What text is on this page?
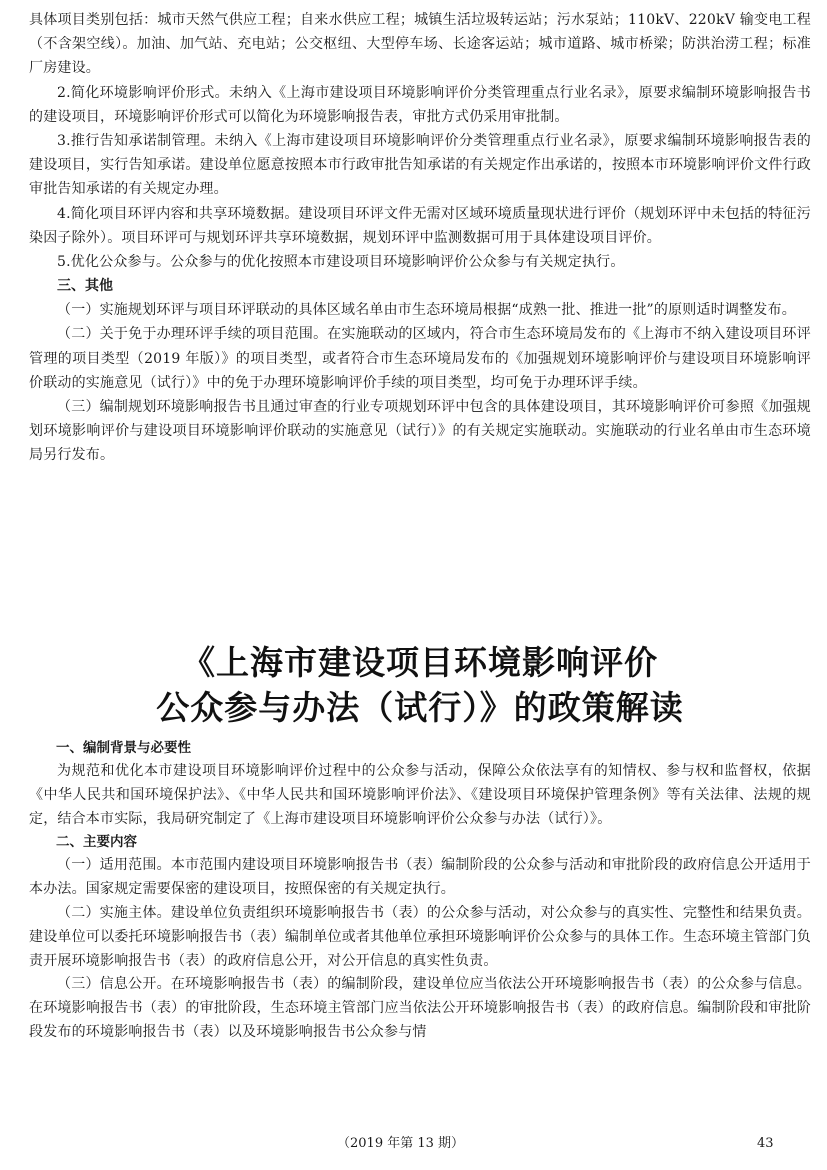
具体项目类别包括：城市天然气供应工程；自来水供应工程；城镇生活垃圾转运站；污水泵站；110kV、220kV 输变电工程（不含架空线）。加油、加气站、充电站；公交枢纽、大型停车场、长途客运站；城市道路、城市桥梁；防洪治涝工程；标准厂房建设。

2.简化环境影响评价形式。未纳入《上海市建设项目环境影响评价分类管理重点行业名录》，原要求编制环境影响报告书的建设项目，环境影响评价形式可以简化为环境影响报告表，审批方式仍采用审批制。

3.推行告知承诺制管理。未纳入《上海市建设项目环境影响评价分类管理重点行业名录》，原要求编制环境影响报告表的建设项目，实行告知承诺。建设单位愿意按照本市行政审批告知承诺的有关规定作出承诺的，按照本市环境影响评价文件行政审批告知承诺的有关规定办理。

4.简化项目环评内容和共享环境数据。建设项目环评文件无需对区域环境质量现状进行评价（规划环评中未包括的特征污染因子除外）。项目环评可与规划环评共享环境数据，规划环评中监测数据可用于具体建设项目评价。

5.优化公众参与。公众参与的优化按照本市建设项目环境影响评价公众参与有关规定执行。

三、其他

（一）实施规划环评与项目环评联动的具体区域名单由市生态环境局根据“成熟一批、推进一批”的原则适时调整发布。

（二）关于免于办理环评手续的项目范围。在实施联动的区域内，符合市生态环境局发布的《上海市不纳入建设项目环评管理的项目类型（2019 年版）》的项目类型，或者符合市生态环境局发布的《加强规划环境影响评价与建设项目环境影响评价联动的实施意见（试行）》中的免于办理环境影响评价手续的项目类型，均可免于办理环评手续。

（三）编制规划环境影响报告书且通过审查的行业专项规划环评中包含的具体建设项目，其环境影响评价可参照《加强规划环境影响评价与建设项目环境影响评价联动的实施意见（试行）》的有关规定实施联动。实施联动的行业名单由市生态环境局另行发布。

《上海市建设项目环境影响评价
公众参与办法（试行）》的政策解读
一、编制背景与必要性

为规范和优化本市建设项目环境影响评价过程中的公众参与活动，保障公众依法享有的知情权、参与权和监督权，依据《中华人民共和国环境保护法》、《中华人民共和国环境影响评价法》、《建设项目环境保护管理条例》等有关法律、法规的规定，结合本市实际，我局研究制定了《上海市建设项目环境影响评价公众参与办法（试行）》。

二、主要内容

（一）适用范围。本市范围内建设项目环境影响报告书（表）编制阶段的公众参与活动和审批阶段的政府信息公开适用于本办法。国家规定需要保密的建设项目，按照保密的有关规定执行。

（二）实施主体。建设单位负责组织环境影响报告书（表）的公众参与活动，对公众参与的真实性、完整性和结果负责。建设单位可以委托环境影响报告书（表）编制单位或者其他单位承担环境影响评价公众参与的具体工作。生态环境主管部门负责开展环境影响报告书（表）的政府信息公开，对公开信息的真实性负责。

（三）信息公开。在环境影响报告书（表）的编制阶段，建设单位应当依法公开环境影响报告书（表）的公众参与信息。在环境影响报告书（表）的审批阶段，生态环境主管部门应当依法公开环境影响报告书（表）的政府信息。编制阶段和审批阶段发布的环境影响报告书（表）以及环境影响报告书公众参与情

（2019 年第 13 期）	43
